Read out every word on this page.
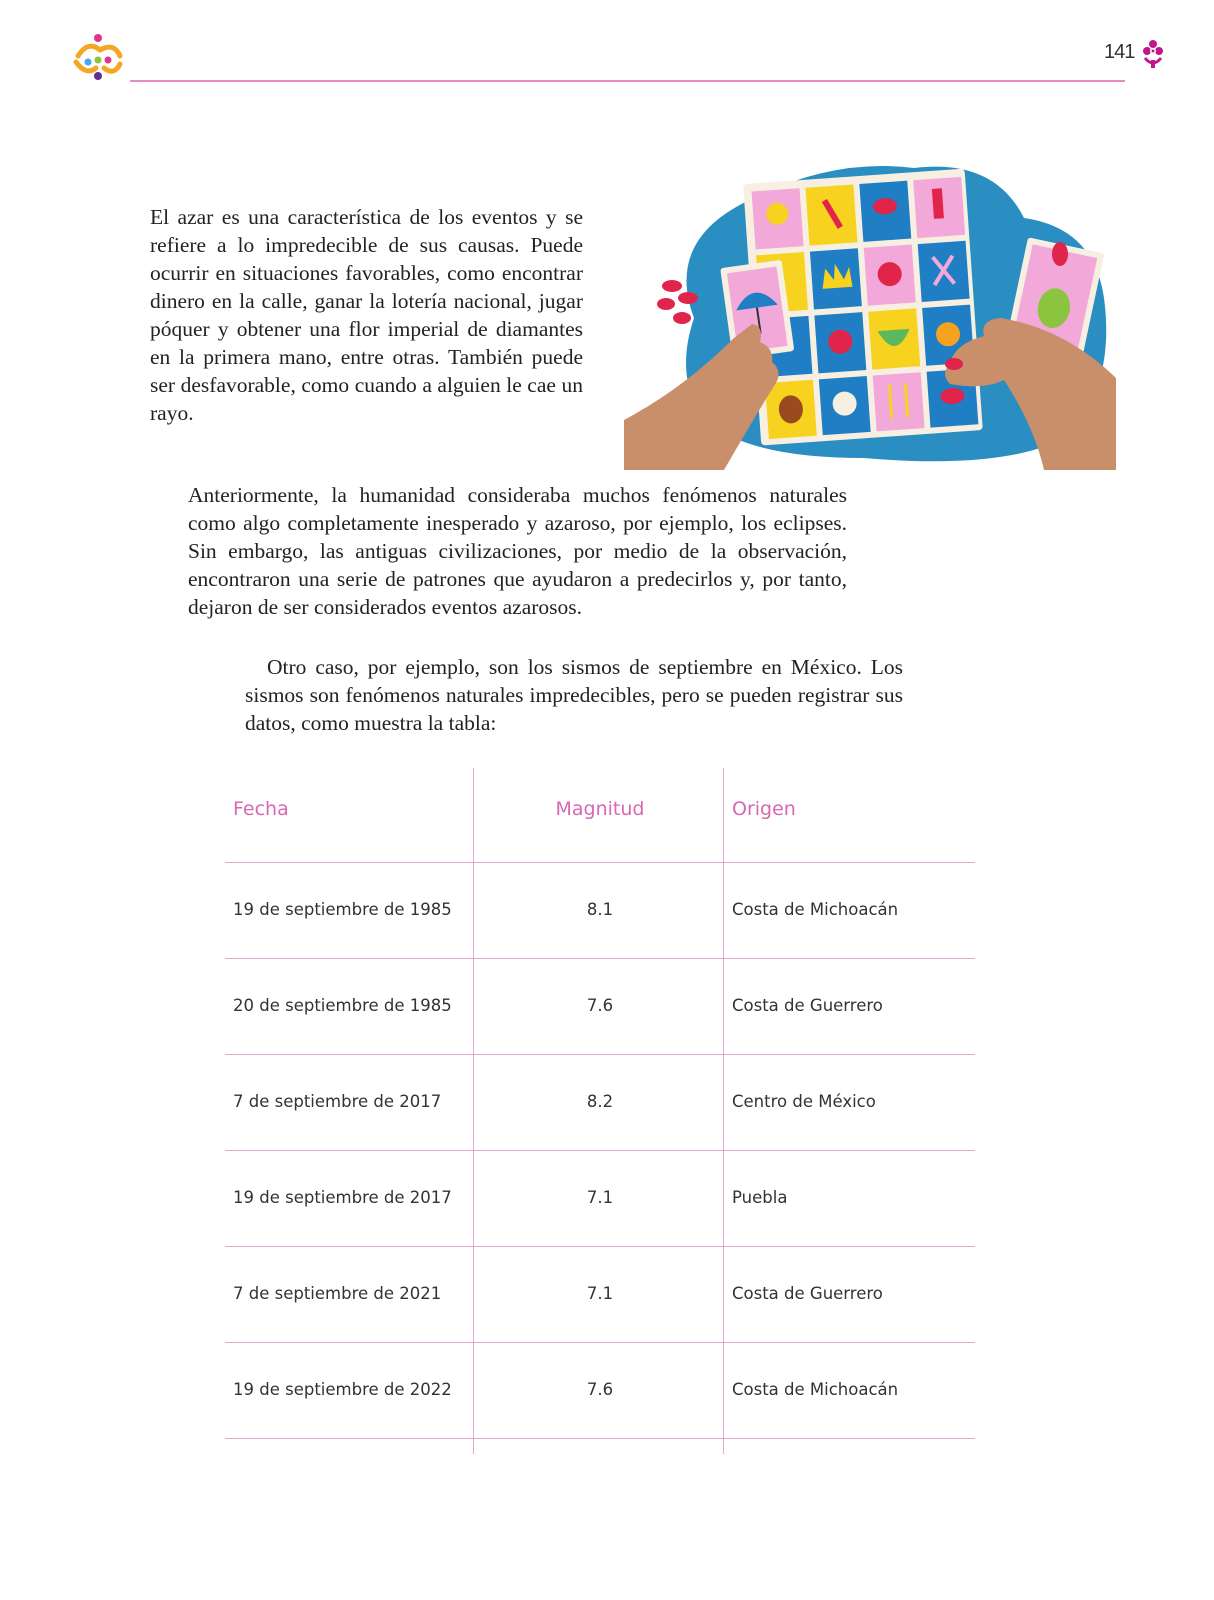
141

El azar es una característica de los eventos y se refiere a lo impredecible de sus causas. Puede ocurrir en situaciones favorables, como encontrar dinero en la calle, ganar la lotería nacional, jugar póquer y obtener una flor imperial de diamantes en la primera mano, entre otras. También puede ser desfavorable, como cuando a alguien le cae un rayo.

Anteriormente, la humanidad consideraba muchos fenómenos naturales como algo completamente inesperado y azaroso, por ejemplo, los eclipses. Sin embargo, las antiguas civilizaciones, por medio de la observación, encontraron una serie de patrones que ayudaron a predecirlos y, por tanto, dejaron de ser considerados eventos azarosos.

Otro caso, por ejemplo, son los sismos de septiembre en México. Los sismos son fenómenos naturales impredecibles, pero se pueden registrar sus datos, como muestra la tabla:

Fecha	Magnitud	Origen
19 de septiembre de 1985	8.1	Costa de Michoacán
20 de septiembre de 1985	7.6	Costa de Guerrero
7 de septiembre de 2017	8.2	Centro de México
19 de septiembre de 2017	7.1	Puebla
7 de septiembre de 2021	7.1	Costa de Guerrero
19 de septiembre de 2022	7.6	Costa de Michoacán
